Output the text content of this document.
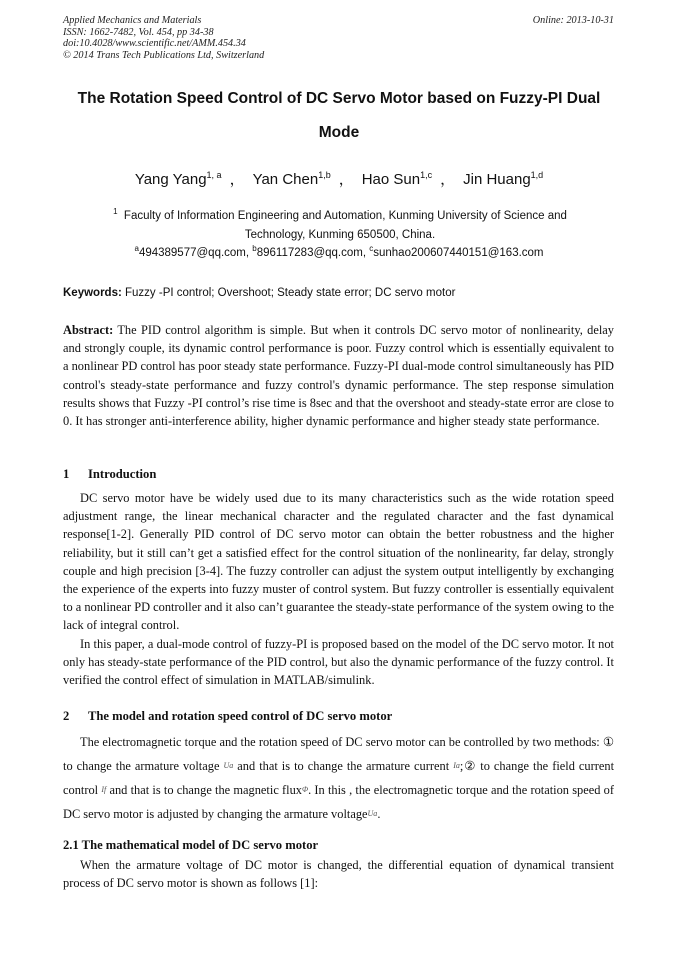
Applied Mechanics and Materials
ISSN: 1662-7482, Vol. 454, pp 34-38
doi:10.4028/www.scientific.net/AMM.454.34
© 2014 Trans Tech Publications Ltd, Switzerland
Online: 2013-10-31
The Rotation Speed Control of DC Servo Motor based on Fuzzy-PI Dual
Mode
Yang Yang$^{1, a}$ ， Yan Chen$^{1,b}$ ， Hao Sun$^{1,c}$ ， Jin Huang$^{1,d}$
$^1$ Faculty of Information Engineering and Automation, Kunming University of Science and
Technology, Kunming 650500, China.
$^a$494389577@qq.com, $^b$896117283@qq.com, $^c$sunhao200607440151@163.com
Keywords: Fuzzy -PI control; Overshoot; Steady state error; DC servo motor
Abstract: The PID control algorithm is simple. But when it controls DC servo motor of nonlinearity, delay and strongly couple, its dynamic control performance is poor. Fuzzy control which is essentially equivalent to a nonlinear PD control has poor steady state performance. Fuzzy-PI dual-mode control simultaneously has PID control's steady-state performance and fuzzy control's dynamic performance. The step response simulation results shows that Fuzzy -PI control’s rise time is 8sec and that the overshoot and steady-state error are close to 0. It has stronger anti-interference ability, higher dynamic performance and higher steady state performance.
1 Introduction

DC servo motor have be widely used due to its many characteristics such as the wide rotation speed adjustment range, the linear mechanical character and the regulated character and the fast dynamical response[1-2]. Generally PID control of DC servo motor can obtain the better robustness and the higher reliability, but it still can’t get a satisfied effect for the control situation of the nonlinearity, far delay, strongly couple and high precision [3-4]. The fuzzy controller can adjust the system output intelligently by exchanging the experience of the experts into fuzzy muster of control system. But fuzzy controller is essentially equivalent to a nonlinear PD controller and it also can’t guarantee the steady-state performance of the system owing to the lack of integral control.

In this paper, a dual-mode control of fuzzy-PI is proposed based on the model of the DC servo motor. It not only has steady-state performance of the PID control, but also the dynamic performance of the fuzzy control. It verified the control effect of simulation in MATLAB/simulink.

2 The model and rotation speed control of DC servo motor

The electromagnetic torque and the rotation speed of DC servo motor can be controlled by two methods: ① to change the armature voltage Ua and that is to change the armature current Ia;② to change the field current control If and that is to change the magnetic fluxΦ. In this , the electromagnetic torque and the rotation speed of DC servo motor is adjusted by changing the armature voltageUa.

2.1 The mathematical model of DC servo motor

When the armature voltage of DC motor is changed, the differential equation of dynamical transient process of DC servo motor is shown as follows [1]:
